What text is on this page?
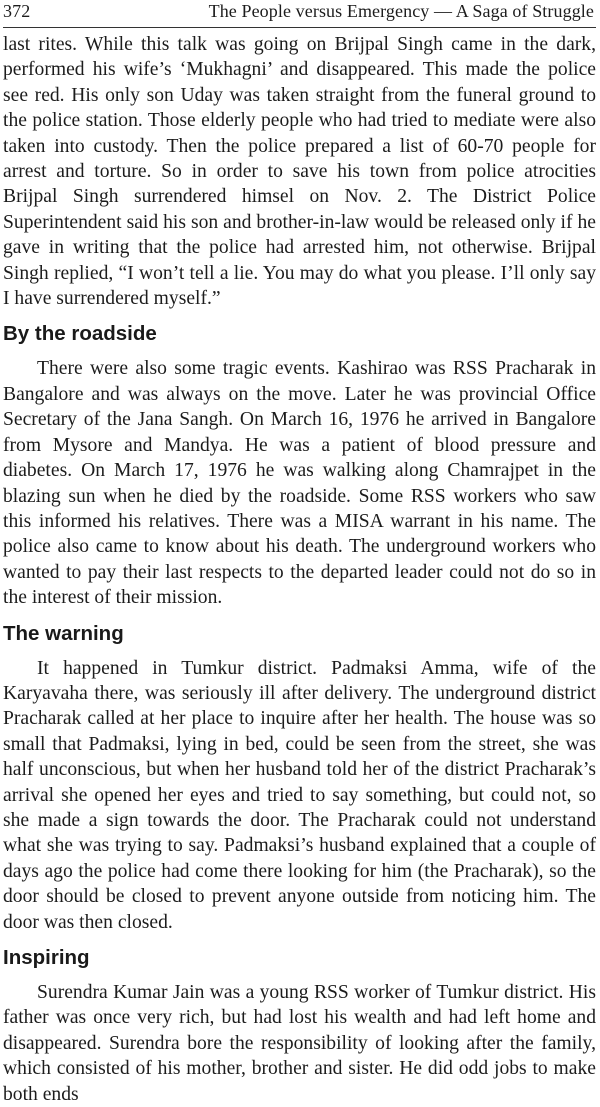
372	The People versus Emergency — A Saga of Struggle

last rites. While this talk was going on Brijpal Singh came in the dark, performed his wife’s ‘Mukhagni’ and disappeared. This made the police see red. His only son Uday was taken straight from the funeral ground to the police station. Those elderly people who had tried to mediate were also taken into custody. Then the police prepared a list of 60-70 people for arrest and torture. So in order to save his town from police atrocities Brijpal Singh surrendered himsel on Nov. 2. The District Police Superintendent said his son and brother-in-law would be released only if he gave in writing that the police had arrested him, not otherwise. Brijpal Singh replied, “I won’t tell a lie. You may do what you please. I’ll only say I have surrendered myself.”

By the roadside

There were also some tragic events. Kashirao was RSS Pracharak in Bangalore and was always on the move. Later he was provincial Office Secretary of the Jana Sangh. On March 16, 1976 he arrived in Bangalore from Mysore and Mandya. He was a patient of blood pressure and diabetes. On March 17, 1976 he was walking along Chamrajpet in the blazing sun when he died by the roadside. Some RSS workers who saw this informed his relatives. There was a MISA warrant in his name. The police also came to know about his death. The underground workers who wanted to pay their last respects to the departed leader could not do so in the interest of their mission.

The warning

It happened in Tumkur district. Padmaksi Amma, wife of the Karyavaha there, was seriously ill after delivery. The underground district Pracharak called at her place to inquire after her health. The house was so small that Padmaksi, lying in bed, could be seen from the street, she was half unconscious, but when her husband told her of the district Pracharak’s arrival she opened her eyes and tried to say something, but could not, so she made a sign towards the door. The Pracharak could not understand what she was trying to say. Padmaksi’s husband explained that a couple of days ago the police had come there looking for him (the Pracharak), so the door should be closed to prevent anyone outside from noticing him. The door was then closed.

Inspiring

Surendra Kumar Jain was a young RSS worker of Tumkur district. His father was once very rich, but had lost his wealth and had left home and disappeared. Surendra bore the responsibility of looking after the family, which consisted of his mother, brother and sister. He did odd jobs to make both ends
